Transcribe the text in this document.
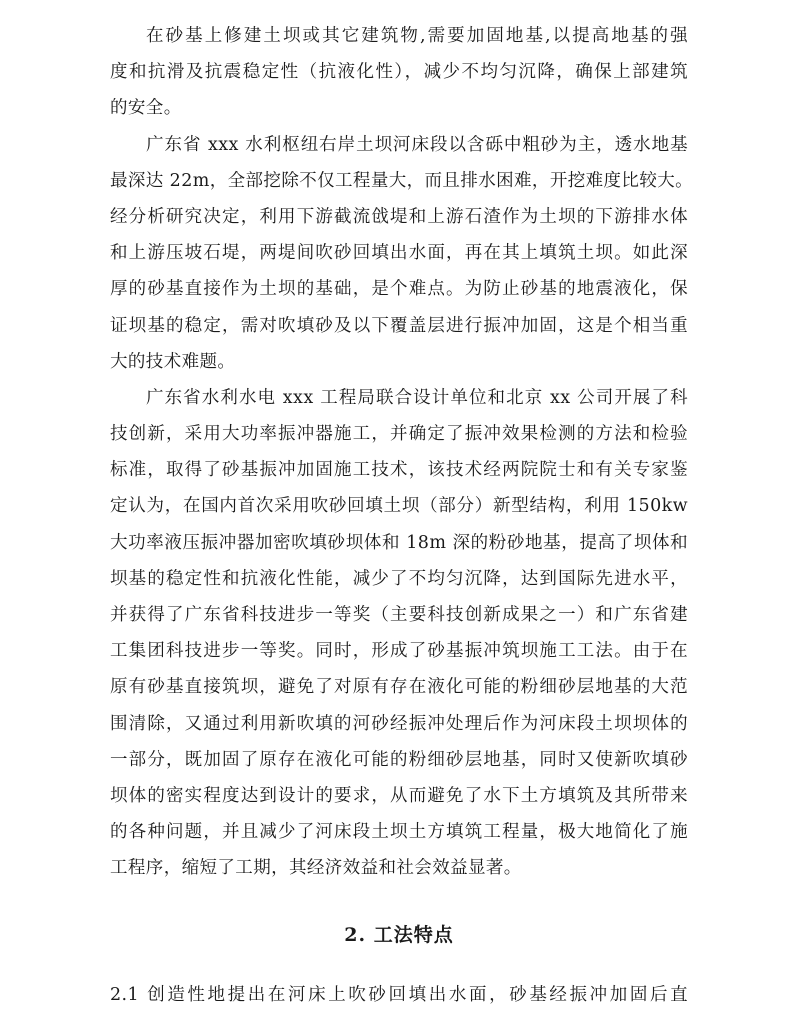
在砂基上修建土坝或其它建筑物,需要加固地基,以提高地基的强
度和抗滑及抗震稳定性（抗液化性），减少不均匀沉降，确保上部建筑
的安全。
广东省 xxx 水利枢纽右岸土坝河床段以含砾中粗砂为主，透水地基
最深达 22m，全部挖除不仅工程量大，而且排水困难，开挖难度比较大。
经分析研究决定，利用下游截流戗堤和上游石渣作为土坝的下游排水体
和上游压坡石堤，两堤间吹砂回填出水面，再在其上填筑土坝。如此深
厚的砂基直接作为土坝的基础，是个难点。为防止砂基的地震液化，保
证坝基的稳定，需对吹填砂及以下覆盖层进行振冲加固，这是个相当重
大的技术难题。
广东省水利水电 xxx 工程局联合设计单位和北京 xx 公司开展了科
技创新，采用大功率振冲器施工，并确定了振冲效果检测的方法和检验
标准，取得了砂基振冲加固施工技术，该技术经两院院士和有关专家鉴
定认为，在国内首次采用吹砂回填土坝（部分）新型结构，利用 150kw
大功率液压振冲器加密吹填砂坝体和 18m 深的粉砂地基，提高了坝体和
坝基的稳定性和抗液化性能，减少了不均匀沉降，达到国际先进水平，
并获得了广东省科技进步一等奖（主要科技创新成果之一）和广东省建
工集团科技进步一等奖。同时，形成了砂基振冲筑坝施工工法。由于在
原有砂基直接筑坝，避免了对原有存在液化可能的粉细砂层地基的大范
围清除，又通过利用新吹填的河砂经振冲处理后作为河床段土坝坝体的
一部分，既加固了原存在液化可能的粉细砂层地基，同时又使新吹填砂
坝体的密实程度达到设计的要求，从而避免了水下土方填筑及其所带来
的各种问题，并且减少了河床段土坝土方填筑工程量，极大地简化了施
工程序，缩短了工期，其经济效益和社会效益显著。
2. 工法特点
2.1 创造性地提出在河床上吹砂回填出水面，砂基经振冲加固后直
